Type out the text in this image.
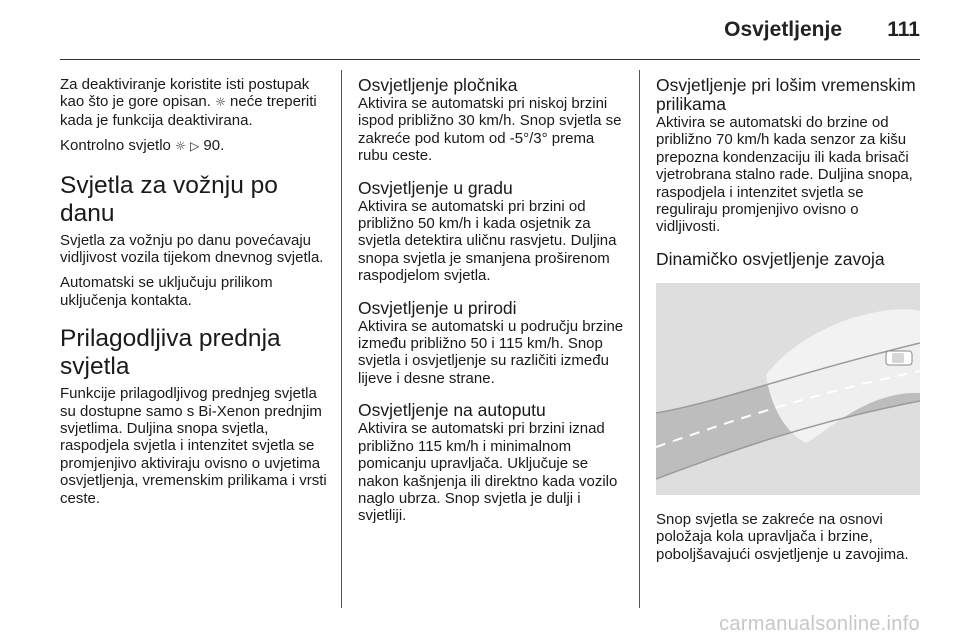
Osvjetljenje 111

Za deaktiviranje koristite isti postupak kao što je gore opisan. ☼ neće treperiti kada je funkcija deaktivirana.

Kontrolno svjetlo ☼ ▷ 90.

Svjetla za vožnju po danu

Svjetla za vožnju po danu povećavaju vidljivost vozila tijekom dnevnog svjetla.

Automatski se uključuju prilikom uključenja kontakta.

Prilagodljiva prednja svjetla

Funkcije prilagodljivog prednjeg svjetla su dostupne samo s Bi-Xenon prednjim svjetlima. Duljina snopa svjetla, raspodjela svjetla i intenzitet svjetla se promjenjivo aktiviraju ovisno o uvjetima osvjetljenja, vremenskim prilikama i vrsti ceste.

Osvjetljenje pločnika

Aktivira se automatski pri niskoj brzini ispod približno 30 km/h. Snop svjetla se zakreće pod kutom od -5°/3° prema rubu ceste.

Osvjetljenje u gradu

Aktivira se automatski pri brzini od približno 50 km/h i kada osjetnik za svjetla detektira uličnu rasvjetu. Duljina snopa svjetla je smanjena proširenom raspodjelom svjetla.

Osvjetljenje u prirodi

Aktivira se automatski u području brzine između približno 50 i 115 km/h. Snop svjetla i osvjetljenje su različiti između lijeve i desne strane.

Osvjetljenje na autoputu

Aktivira se automatski pri brzini iznad približno 115 km/h i minimalnom pomicanju upravljača. Uključuje se nakon kašnjenja ili direktno kada vozilo naglo ubrza. Snop svjetla je dulji i svjetliji.

Osvjetljenje pri lošim vremenskim prilikama

Aktivira se automatski do brzine od približno 70 km/h kada senzor za kišu prepozna kondenzaciju ili kada brisači vjetrobrana stalno rade. Duljina snopa, raspodjela i intenzitet svjetla se reguliraju promjenjivo ovisno o vidljivosti.

Dinamičko osvjetljenje zavoja

Snop svjetla se zakreće na osnovi položaja kola upravljača i brzine, poboljšavajući osvjetljenje u zavojima.

carmanualsonline.info
